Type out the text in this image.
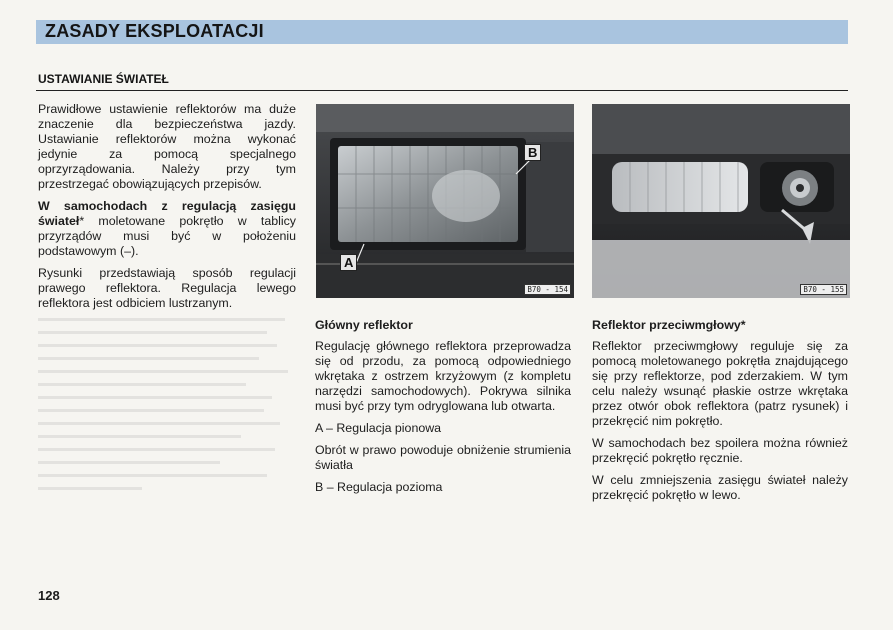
ZASADY EKSPLOATACJI
USTAWIANIE ŚWIATEŁ

Prawidłowe ustawienie reflektorów ma duże znaczenie dla bezpieczeństwa jazdy. Ustawianie reflektorów można wykonać jedynie za pomocą specjalnego oprzyrządowania. Należy przy tym przestrzegać obowiązujących przepisów.

W samochodach z regulacją zasięgu świateł* moletowane pokrętło w tablicy przyrządów musi być w położeniu podstawowym (–).

Rysunki przedstawiają sposób regulacji prawego reflektora. Regulacja lewego reflektora jest odbiciem lustrzanym.

A
B
B70 - 154	B70 - 155

Główny reflektor

Regulację głównego reflektora przeprowadza się od przodu, za pomocą odpowiedniego wkrętaka z ostrzem krzyżowym (z kompletu narzędzi samochodowych). Pokrywa silnika musi być przy tym odryglowana lub otwarta.

A – Regulacja pionowa

Obrót w prawo powoduje obniżenie strumienia światła

B – Regulacja pozioma

Reflektor przeciwmgłowy*

Reflektor przeciwmgłowy reguluje się za pomocą moletowanego pokrętła znajdującego się przy reflektorze, pod zderzakiem. W tym celu należy wsunąć płaskie ostrze wkrętaka przez otwór obok reflektora (patrz rysunek) i przekręcić nim pokrętło.

W samochodach bez spoilera można również przekręcić pokrętło ręcznie.

W celu zmniejszenia zasięgu świateł należy przekręcić pokrętło w lewo.

128
